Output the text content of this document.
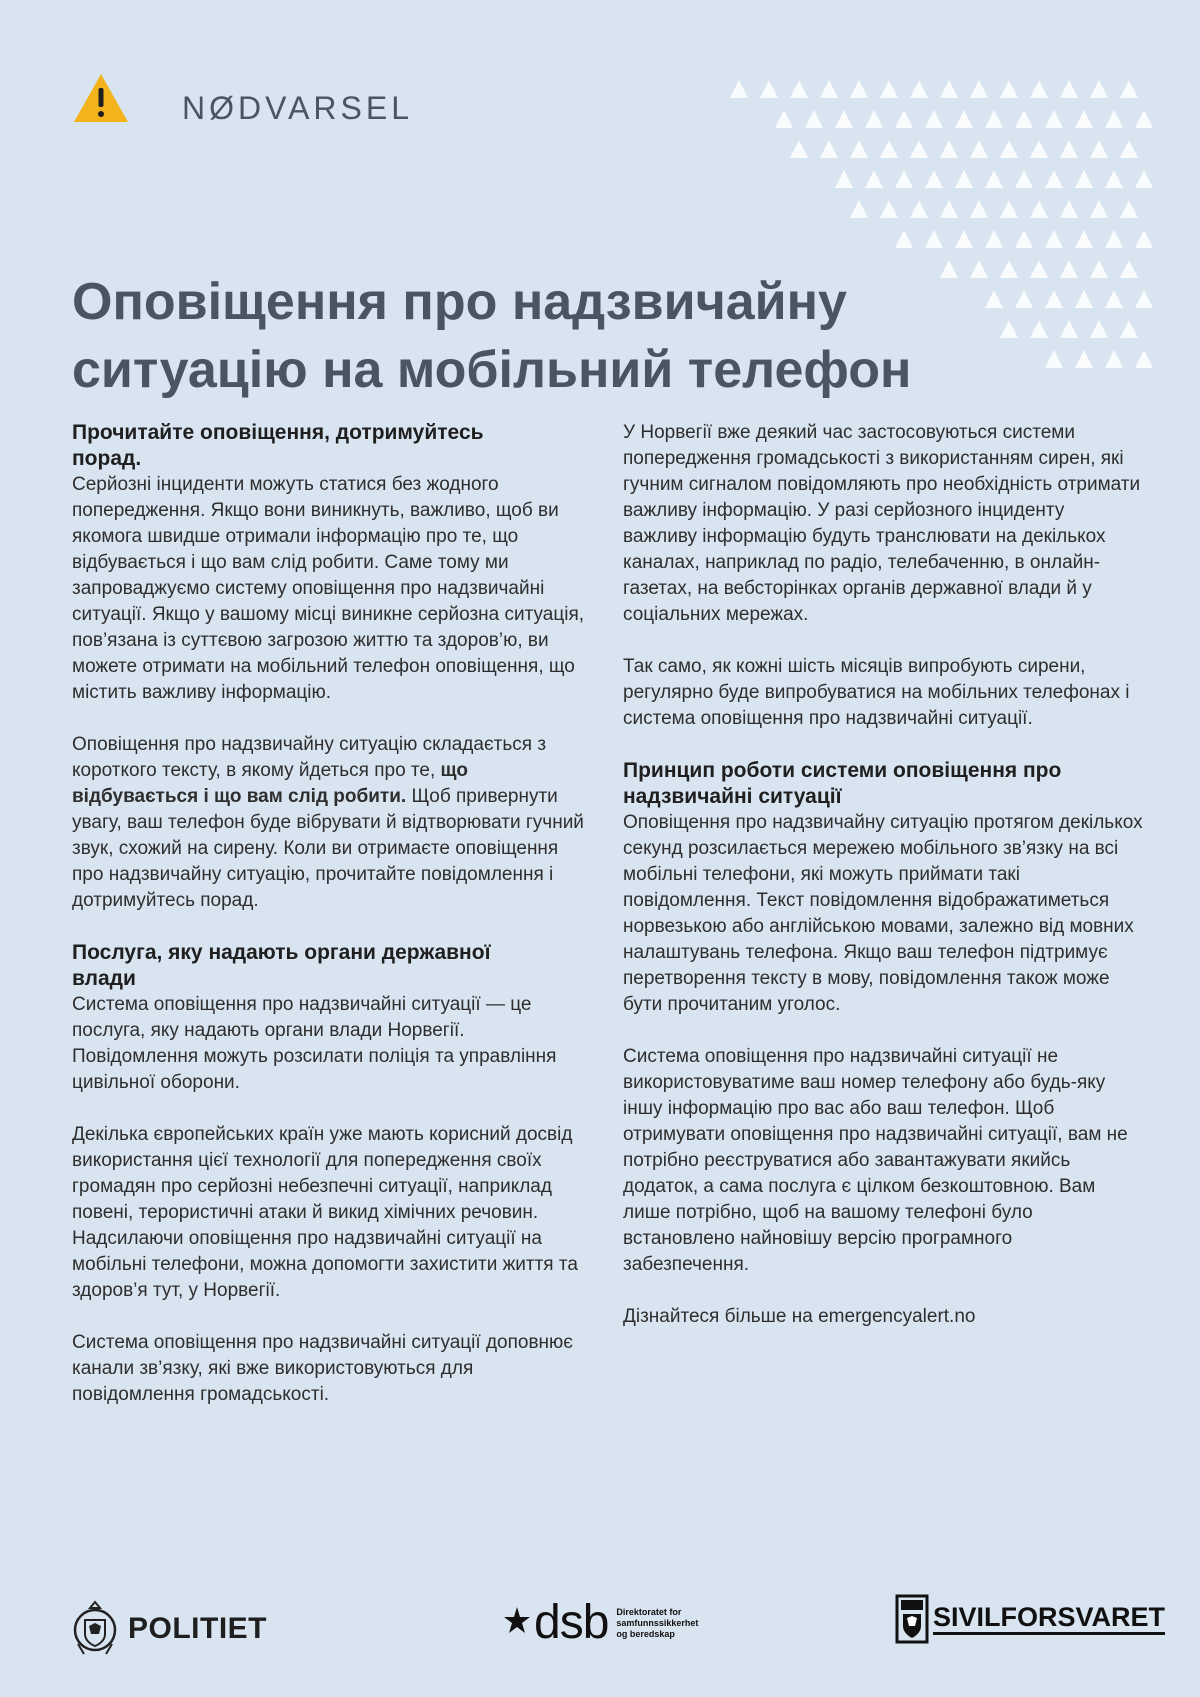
NØDVARSEL
Оповіщення про надзвичайну
ситуацію на мобільний телефон
Прочитайте оповіщення, дотримуйтесь
порад.

Серйозні інциденти можуть статися без жодного попередження. Якщо вони виникнуть, важливо, щоб ви якомога швидше отримали інформацію про те, що відбувається і що вам слід робити. Саме тому ми запроваджуємо систему оповіщення про надзвичайні ситуації. Якщо у вашому місці виникне серйозна ситуація, пов’язана із суттєвою загрозою життю та здоров’ю, ви можете отримати на мобільний телефон оповіщення, що містить важливу інформацію.

Оповіщення про надзвичайну ситуацію складається з короткого тексту, в якому йдеться про те, що відбувається і що вам слід робити. Щоб привернути увагу, ваш телефон буде вібрувати й відтворювати гучний звук, схожий на сирену. Коли ви отримаєте оповіщення про надзвичайну ситуацію, прочитайте повідомлення і дотримуйтесь порад.

Послуга, яку надають органи державної
влади

Система оповіщення про надзвичайні ситуації — це послуга, яку надають органи влади Норвегії. Повідомлення можуть розсилати поліція та управління цивільної оборони.

Декілька європейських країн уже мають корисний досвід використання цієї технології для попередження своїх громадян про серйозні небезпечні ситуації, наприклад повені, терористичні атаки й викид хімічних речовин. Надсилаючи оповіщення про надзвичайні ситуації на мобільні телефони, можна допомогти захистити життя та здоров’я тут, у Норвегії.

Система оповіщення про надзвичайні ситуації доповнює канали зв’язку, які вже використовуються для повідомлення громадськості.

У Норвегії вже деякий час застосовуються системи попередження громадськості з використанням сирен, які гучним сигналом повідомляють про необхідність отримати важливу інформацію. У разі серйозного інциденту важливу інформацію будуть транслювати на декількох каналах, наприклад по радіо, телебаченню, в онлайн-газетах, на вебсторінках органів державної влади й у соціальних мережах.

Так само, як кожні шість місяців випробують сирени, регулярно буде випробуватися на мобільних телефонах і система оповіщення про надзвичайні ситуації.

Принцип роботи системи оповіщення про
надзвичайні ситуації

Оповіщення про надзвичайну ситуацію протягом декількох секунд розсилається мережею мобільного зв’язку на всі мобільні телефони, які можуть приймати такі повідомлення. Текст повідомлення відображатиметься норвезькою або англійською мовами, залежно від мовних налаштувань телефона. Якщо ваш телефон підтримує перетворення тексту в мову, повідомлення також може бути прочитаним уголос.

Система оповіщення про надзвичайні ситуації не використовуватиме ваш номер телефону або будь-яку іншу інформацію про вас або ваш телефон. Щоб отримувати оповіщення про надзвичайні ситуації, вам не потрібно реєструватися або завантажувати якийсь додаток, а сама послуга є цілком безкоштовною. Вам лише потрібно, щоб на вашому телефоні було встановлено найновішу версію програмного забезпечення.

Дізнайтеся більше на emergencyalert.no

POLITIET	dsb Direktoratet for
samfunnssikkerhet
og beredskap
SIVILFORSVARET
